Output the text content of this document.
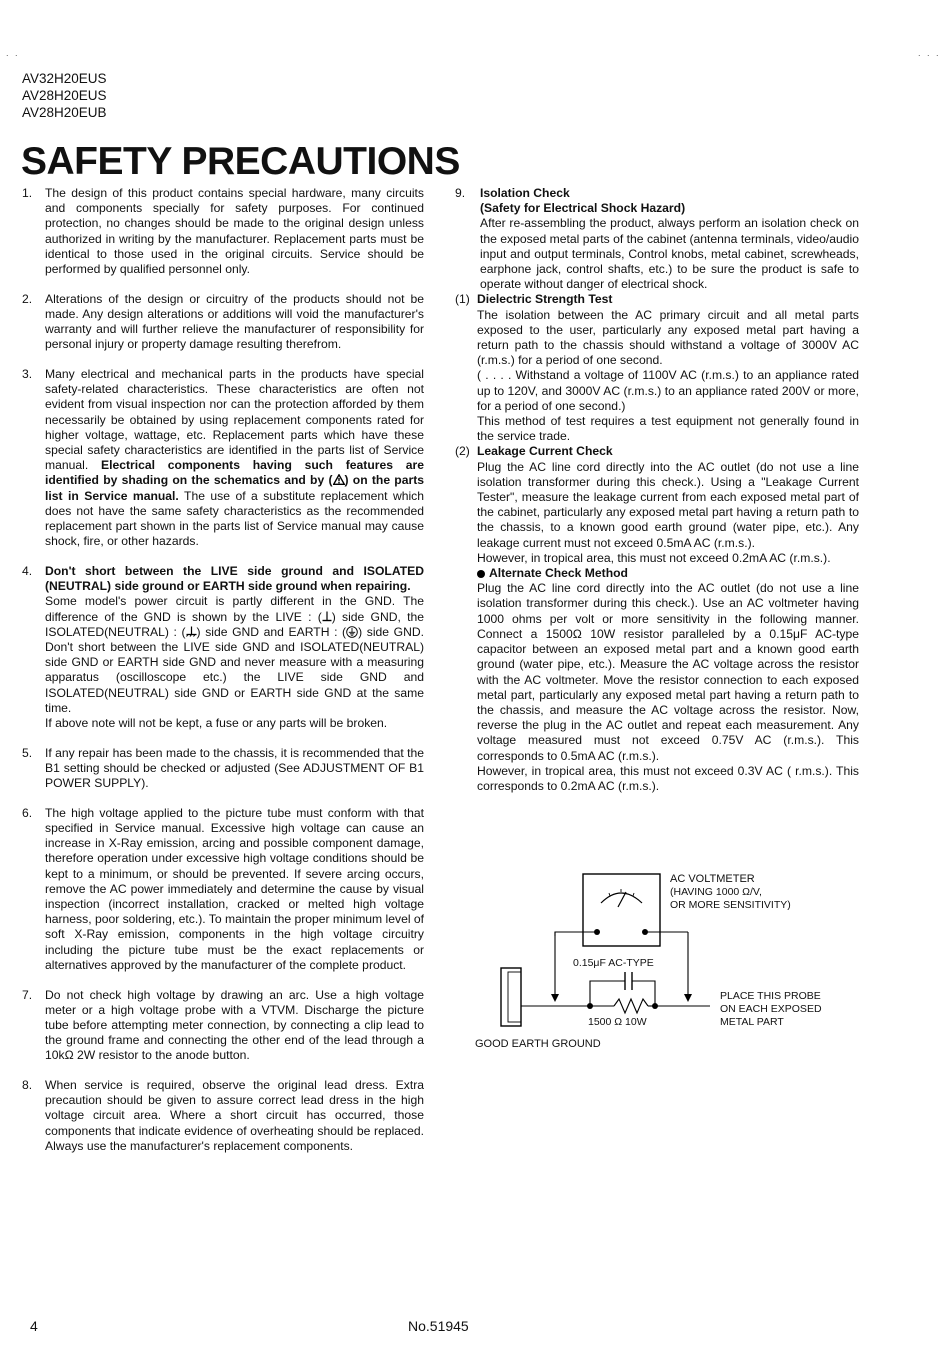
. .	. . .
AV32H20EUS
AV28H20EUS
AV28H20EUB
SAFETY PRECAUTIONS
1. The design of this product contains special hardware, many circuits and components specially for safety purposes. For continued protection, no changes should be made to the original design unless authorized in writing by the manufacturer. Replacement parts must be identical to those used in the original circuits. Service should be performed by qualified personnel only.

2. Alterations of the design or circuitry of the products should not be made. Any design alterations or additions will void the manufacturer's warranty and will further relieve the manufacturer of responsibility for personal injury or property damage resulting therefrom.

3. Many electrical and mechanical parts in the products have special safety-related characteristics. These characteristics are often not evident from visual inspection nor can the protection afforded by them necessarily be obtained by using replacement components rated for higher voltage, wattage, etc. Replacement parts which have these special safety characteristics are identified in the parts list of Service manual. Electrical components having such features are identified by shading on the schematics and by ( ) on the parts list in Service manual. The use of a substitute replacement which does not have the same safety characteristics as the recommended replacement part shown in the parts list of Service manual may cause shock, fire, or other hazards.

4. Don't short between the LIVE side ground and ISOLATED (NEUTRAL) side ground or EARTH side ground when repairing.

Some model's power circuit is partly different in the GND. The difference of the GND is shown by the LIVE : ( ) side GND, the ISOLATED(NEUTRAL) : ( ) side GND and EARTH : ( ) side GND. Don't short between the LIVE side GND and ISOLATED(NEUTRAL) side GND or EARTH side GND and never measure with a measuring apparatus (oscilloscope etc.) the LIVE side GND and ISOLATED(NEUTRAL) side GND or EARTH side GND at the same time.

If above note will not be kept, a fuse or any parts will be broken.

5. If any repair has been made to the chassis, it is recommended that the B1 setting should be checked or adjusted (See ADJUSTMENT OF B1 POWER SUPPLY).

6. The high voltage applied to the picture tube must conform with that specified in Service manual. Excessive high voltage can cause an increase in X-Ray emission, arcing and possible component damage, therefore operation under excessive high voltage conditions should be kept to a minimum, or should be prevented. If severe arcing occurs, remove the AC power immediately and determine the cause by visual inspection (incorrect installation, cracked or melted high voltage harness, poor soldering, etc.). To maintain the proper minimum level of soft X-Ray emission, components in the high voltage circuitry including the picture tube must be the exact replacements or alternatives approved by the manufacturer of the complete product.

7. Do not check high voltage by drawing an arc. Use a high voltage meter or a high voltage probe with a VTVM. Discharge the picture tube before attempting meter connection, by connecting a clip lead to the ground frame and connecting the other end of the lead through a 10kΩ 2W resistor to the anode button.

8. When service is required, observe the original lead dress. Extra precaution should be given to assure correct lead dress in the high voltage circuit area. Where a short circuit has occurred, those components that indicate evidence of overheating should be replaced. Always use the manufacturer's replacement components.

9. Isolation Check

(Safety for Electrical Shock Hazard)

After re-assembling the product, always perform an isolation check on the exposed metal parts of the cabinet (antenna terminals, video/audio input and output terminals, Control knobs, metal cabinet, screwheads, earphone jack, control shafts, etc.) to be sure the product is safe to operate without danger of electrical shock.

(1) Dielectric Strength Test

The isolation between the AC primary circuit and all metal parts exposed to the user, particularly any exposed metal part having a return path to the chassis should withstand a voltage of 3000V AC (r.m.s.) for a period of one second.

( . . . . Withstand a voltage of 1100V AC (r.m.s.) to an appliance rated up to 120V, and 3000V AC (r.m.s.) to an appliance rated 200V or more, for a period of one second.)

This method of test requires a test equipment not generally found in the service trade.

(2) Leakage Current Check

Plug the AC line cord directly into the AC outlet (do not use a line isolation transformer during this check.). Using a "Leakage Current Tester", measure the leakage current from each exposed metal part of the cabinet, particularly any exposed metal part having a return path to the chassis, to a known good earth ground (water pipe, etc.). Any leakage current must not exceed 0.5mA AC (r.m.s.).

However, in tropical area, this must not exceed 0.2mA AC (r.m.s.).

Alternate Check Method

Plug the AC line cord directly into the AC outlet (do not use a line isolation transformer during this check.). Use an AC voltmeter having 1000 ohms per volt or more sensitivity in the following manner. Connect a 1500Ω 10W resistor paralleled by a 0.15μF AC-type capacitor between an exposed metal part and a known good earth ground (water pipe, etc.). Measure the AC voltage across the resistor with the AC voltmeter. Move the resistor connection to each exposed metal part, particularly any exposed metal part having a return path to the chassis, and measure the AC voltage across the resistor. Now, reverse the plug in the AC outlet and repeat each measurement. Any voltage measured must not exceed 0.75V AC (r.m.s.). This corresponds to 0.5mA AC (r.m.s.).

However, in tropical area, this must not exceed 0.3V AC ( r.m.s.). This corresponds to 0.2mA AC (r.m.s.).

AC VOLTMETER
(HAVING 1000 Ω/V,
OR MORE SENSITIVITY)
0.15μF AC-TYPE
1500 Ω 10W
PLACE THIS PROBE
ON EACH EXPOSED
METAL PART
GOOD EARTH GROUND
4	No.51945
